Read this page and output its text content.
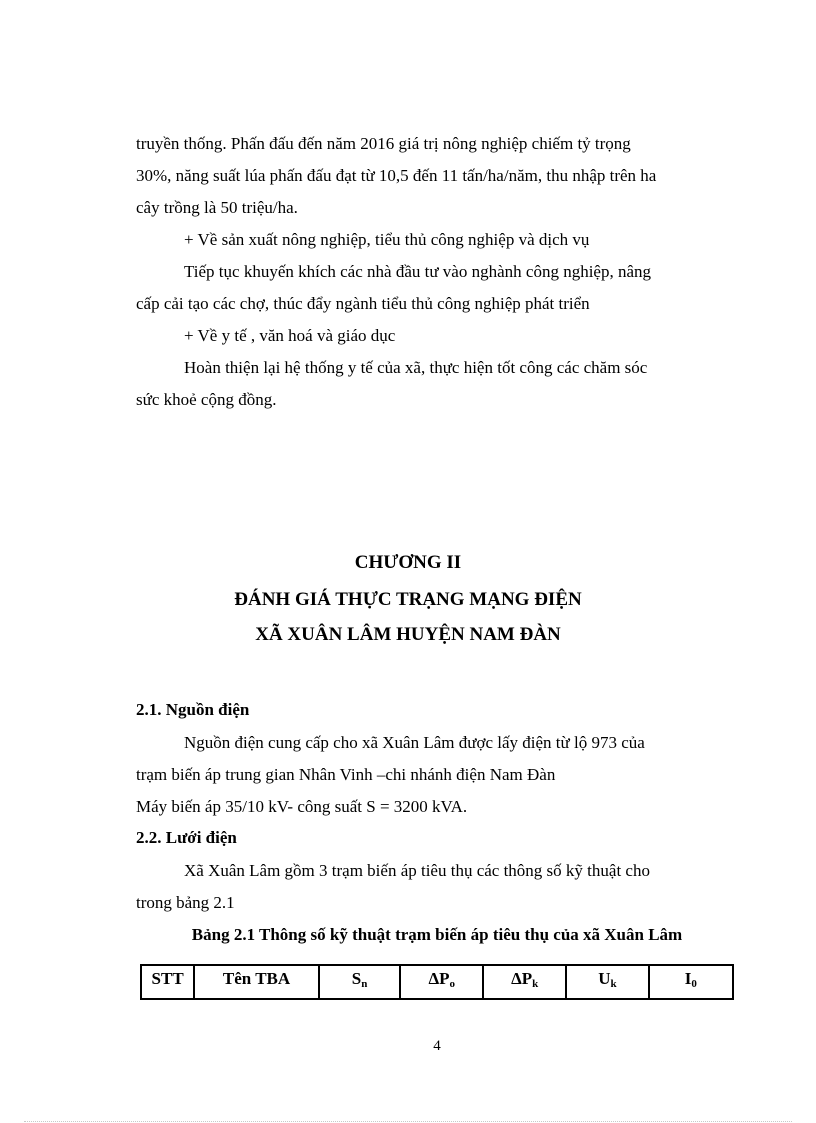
truyền thống. Phấn đấu đến năm 2016 giá trị nông nghiệp chiếm tỷ trọng
30%, năng suất lúa phấn đấu đạt từ 10,5 đến 11 tấn/ha/năm, thu nhập trên ha
cây trồng là 50 triệu/ha.
+ Về sản xuất nông nghiệp, tiểu thủ công nghiệp và dịch vụ
Tiếp tục khuyến khích các nhà đầu tư vào nghành công nghiệp, nâng
cấp cải tạo các chợ, thúc đẩy ngành tiểu thủ công nghiệp phát triển
+ Về y tế , văn hoá và giáo dục
Hoàn thiện lại hệ thống y tế của xã, thực hiện tốt công các chăm sóc
sức khoẻ cộng đồng.
CHƯƠNG II
ĐÁNH GIÁ THỰC TRẠNG MẠNG ĐIỆN
XÃ XUÂN LÂM HUYỆN NAM ĐÀN
2.1. Nguồn điện
Nguồn điện cung cấp cho xã Xuân Lâm được lấy điện từ lộ 973 của
trạm biến áp trung gian Nhân Vinh –chi nhánh điện Nam Đàn
Máy biến áp 35/10 kV- công suất S = 3200 kVA.
2.2. Lưới điện
Xã Xuân Lâm gồm 3 trạm biến áp tiêu thụ các thông số kỹ thuật cho
trong bảng 2.1
Bảng 2.1 Thông số kỹ thuật trạm biến áp tiêu thụ của xã Xuân Lâm
STT	Tên TBA	$S_n$	$\Delta P_o$	$\Delta P_k$	$U_k$	$I_0$
4
